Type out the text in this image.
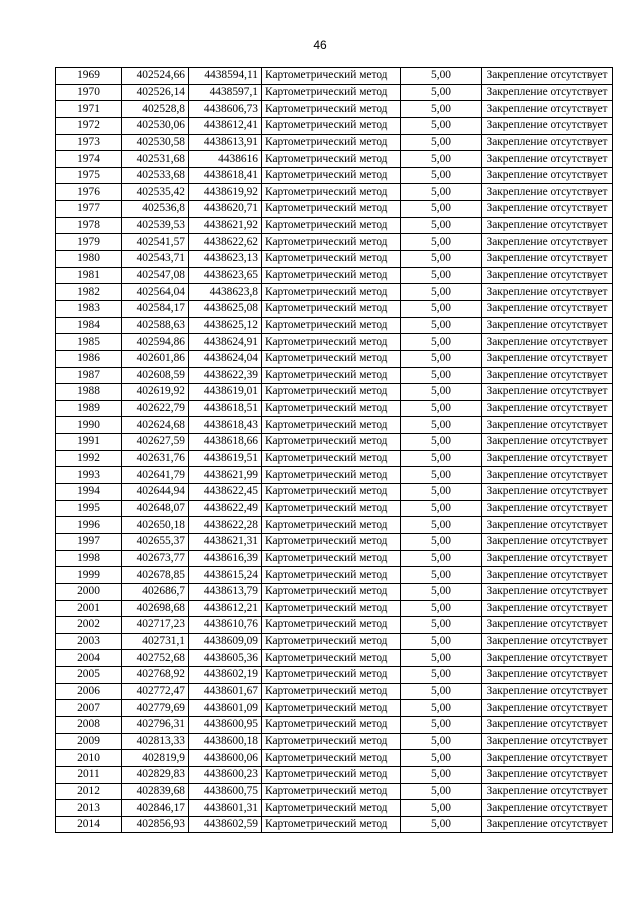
46
1969	402524,66	4438594,11	Картометрический метод	5,00	Закрепление отсутствует
1970	402526,14	4438597,1	Картометрический метод	5,00	Закрепление отсутствует
1971	402528,8	4438606,73	Картометрический метод	5,00	Закрепление отсутствует
1972	402530,06	4438612,41	Картометрический метод	5,00	Закрепление отсутствует
1973	402530,58	4438613,91	Картометрический метод	5,00	Закрепление отсутствует
1974	402531,68	4438616	Картометрический метод	5,00	Закрепление отсутствует
1975	402533,68	4438618,41	Картометрический метод	5,00	Закрепление отсутствует
1976	402535,42	4438619,92	Картометрический метод	5,00	Закрепление отсутствует
1977	402536,8	4438620,71	Картометрический метод	5,00	Закрепление отсутствует
1978	402539,53	4438621,92	Картометрический метод	5,00	Закрепление отсутствует
1979	402541,57	4438622,62	Картометрический метод	5,00	Закрепление отсутствует
1980	402543,71	4438623,13	Картометрический метод	5,00	Закрепление отсутствует
1981	402547,08	4438623,65	Картометрический метод	5,00	Закрепление отсутствует
1982	402564,04	4438623,8	Картометрический метод	5,00	Закрепление отсутствует
1983	402584,17	4438625,08	Картометрический метод	5,00	Закрепление отсутствует
1984	402588,63	4438625,12	Картометрический метод	5,00	Закрепление отсутствует
1985	402594,86	4438624,91	Картометрический метод	5,00	Закрепление отсутствует
1986	402601,86	4438624,04	Картометрический метод	5,00	Закрепление отсутствует
1987	402608,59	4438622,39	Картометрический метод	5,00	Закрепление отсутствует
1988	402619,92	4438619,01	Картометрический метод	5,00	Закрепление отсутствует
1989	402622,79	4438618,51	Картометрический метод	5,00	Закрепление отсутствует
1990	402624,68	4438618,43	Картометрический метод	5,00	Закрепление отсутствует
1991	402627,59	4438618,66	Картометрический метод	5,00	Закрепление отсутствует
1992	402631,76	4438619,51	Картометрический метод	5,00	Закрепление отсутствует
1993	402641,79	4438621,99	Картометрический метод	5,00	Закрепление отсутствует
1994	402644,94	4438622,45	Картометрический метод	5,00	Закрепление отсутствует
1995	402648,07	4438622,49	Картометрический метод	5,00	Закрепление отсутствует
1996	402650,18	4438622,28	Картометрический метод	5,00	Закрепление отсутствует
1997	402655,37	4438621,31	Картометрический метод	5,00	Закрепление отсутствует
1998	402673,77	4438616,39	Картометрический метод	5,00	Закрепление отсутствует
1999	402678,85	4438615,24	Картометрический метод	5,00	Закрепление отсутствует
2000	402686,7	4438613,79	Картометрический метод	5,00	Закрепление отсутствует
2001	402698,68	4438612,21	Картометрический метод	5,00	Закрепление отсутствует
2002	402717,23	4438610,76	Картометрический метод	5,00	Закрепление отсутствует
2003	402731,1	4438609,09	Картометрический метод	5,00	Закрепление отсутствует
2004	402752,68	4438605,36	Картометрический метод	5,00	Закрепление отсутствует
2005	402768,92	4438602,19	Картометрический метод	5,00	Закрепление отсутствует
2006	402772,47	4438601,67	Картометрический метод	5,00	Закрепление отсутствует
2007	402779,69	4438601,09	Картометрический метод	5,00	Закрепление отсутствует
2008	402796,31	4438600,95	Картометрический метод	5,00	Закрепление отсутствует
2009	402813,33	4438600,18	Картометрический метод	5,00	Закрепление отсутствует
2010	402819,9	4438600,06	Картометрический метод	5,00	Закрепление отсутствует
2011	402829,83	4438600,23	Картометрический метод	5,00	Закрепление отсутствует
2012	402839,68	4438600,75	Картометрический метод	5,00	Закрепление отсутствует
2013	402846,17	4438601,31	Картометрический метод	5,00	Закрепление отсутствует
2014	402856,93	4438602,59	Картометрический метод	5,00	Закрепление отсутствует
